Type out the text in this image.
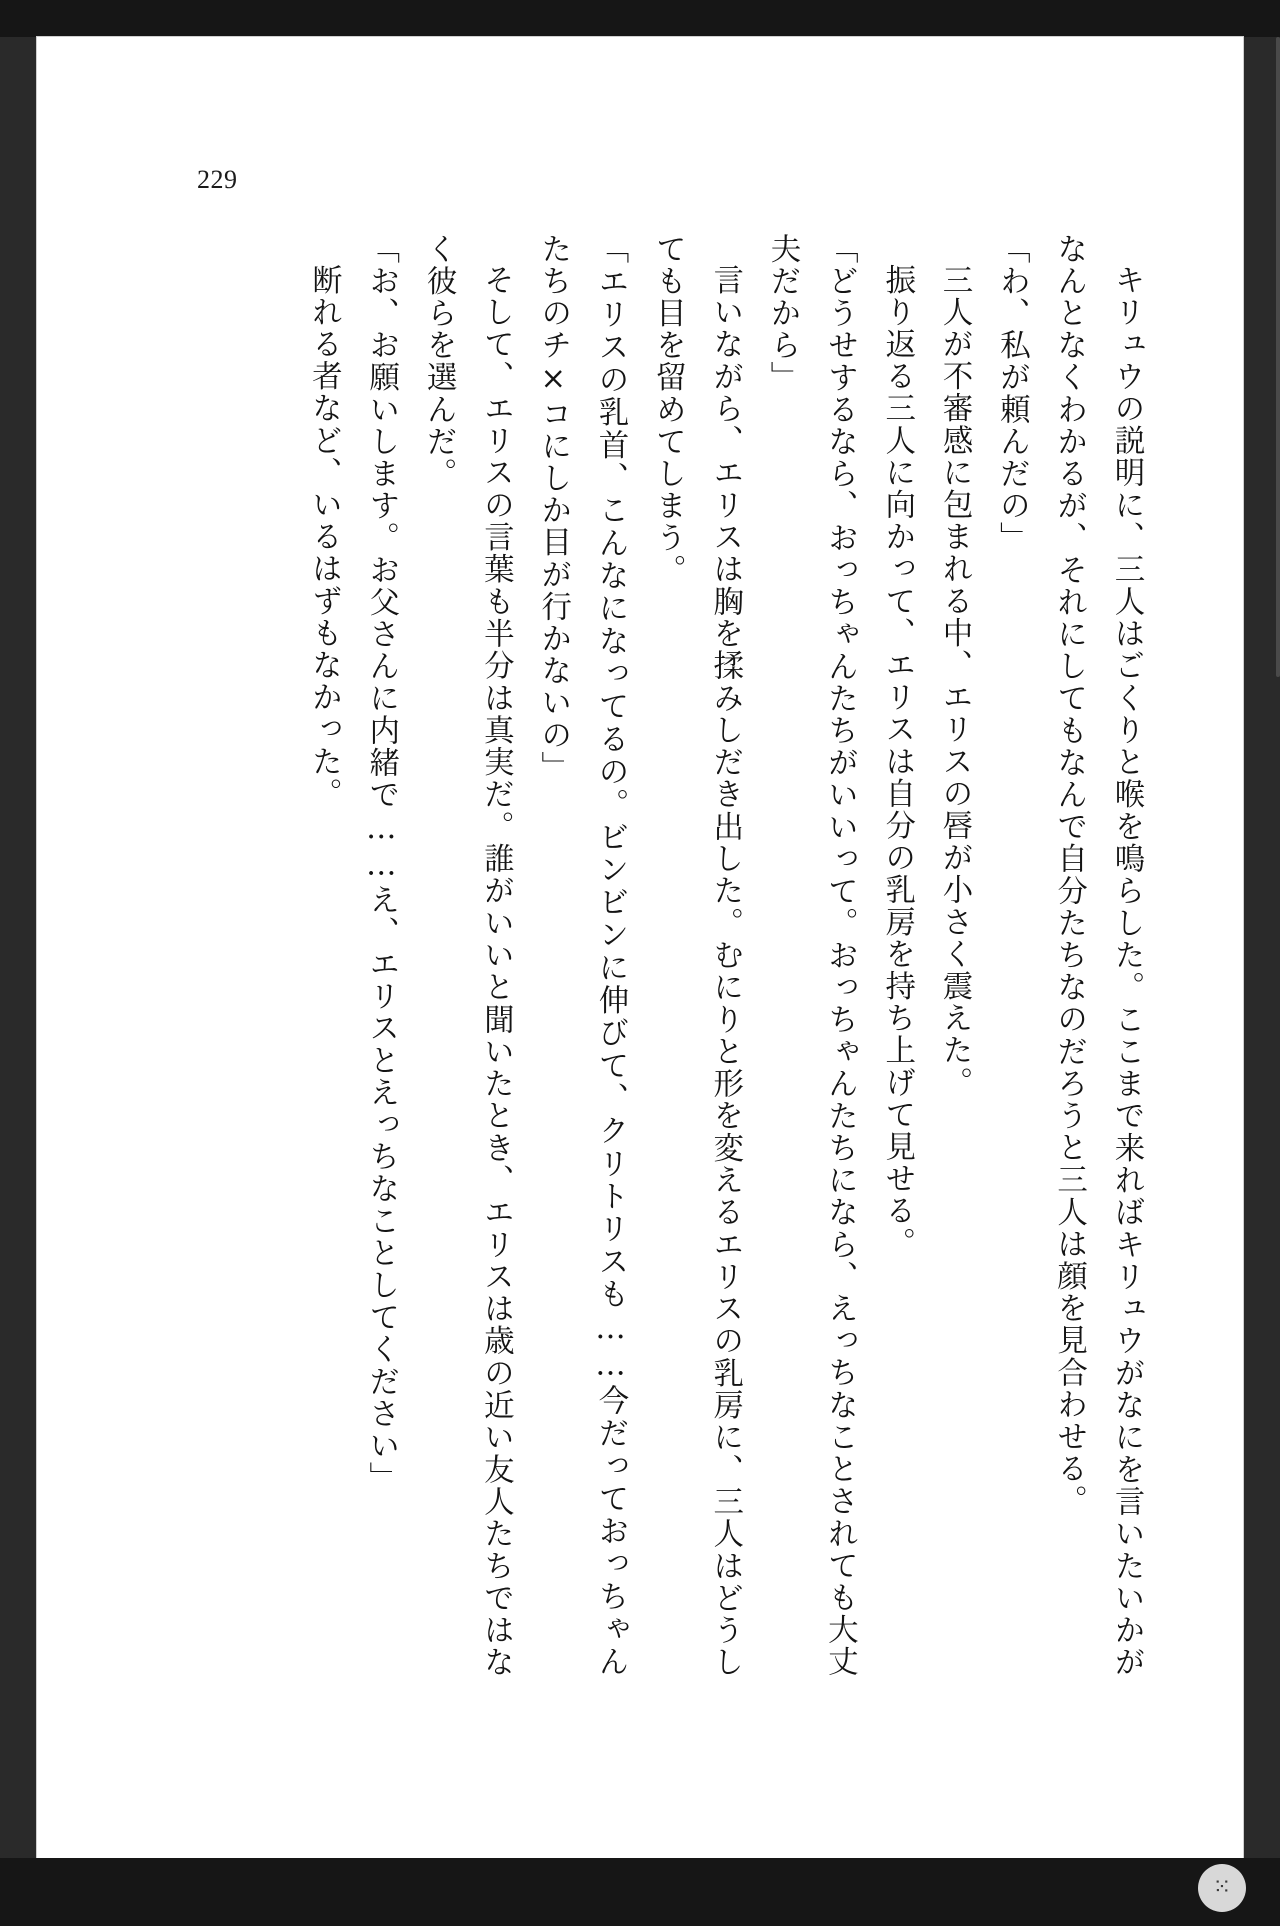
229

キリュウの説明に、三人はごくりと喉を鳴らした。ここまで来ればキリュウがなにを言いたいかがなんとなくわかるが、それにしてもなんで自分たちなのだろうと三人は顔を見合わせる。

「わ、私が頼んだの」

三人が不審感に包まれる中、エリスの唇が小さく震えた。

振り返る三人に向かって、エリスは自分の乳房を持ち上げて見せる。

「どうせするなら、おっちゃんたちがいいって。おっちゃんたちになら、えっちなことされても大丈夫だから」

言いながら、エリスは胸を揉みしだき出した。むにりと形を変えるエリスの乳房に、三人はどうしても目を留めてしまう。

「エリスの乳首、こんなになってるの。ビンビンに伸びて、クリトリスも……今だっておっちゃんたちのチ×コにしか目が行かないの」

そして、エリスの言葉も半分は真実だ。誰がいいと聞いたとき、エリスは歳の近い友人たちではなく彼らを選んだ。

「お、お願いします。お父さんに内緒で……え、エリスとえっちなことしてください」

断れる者など、いるはずもなかった。

⁙
